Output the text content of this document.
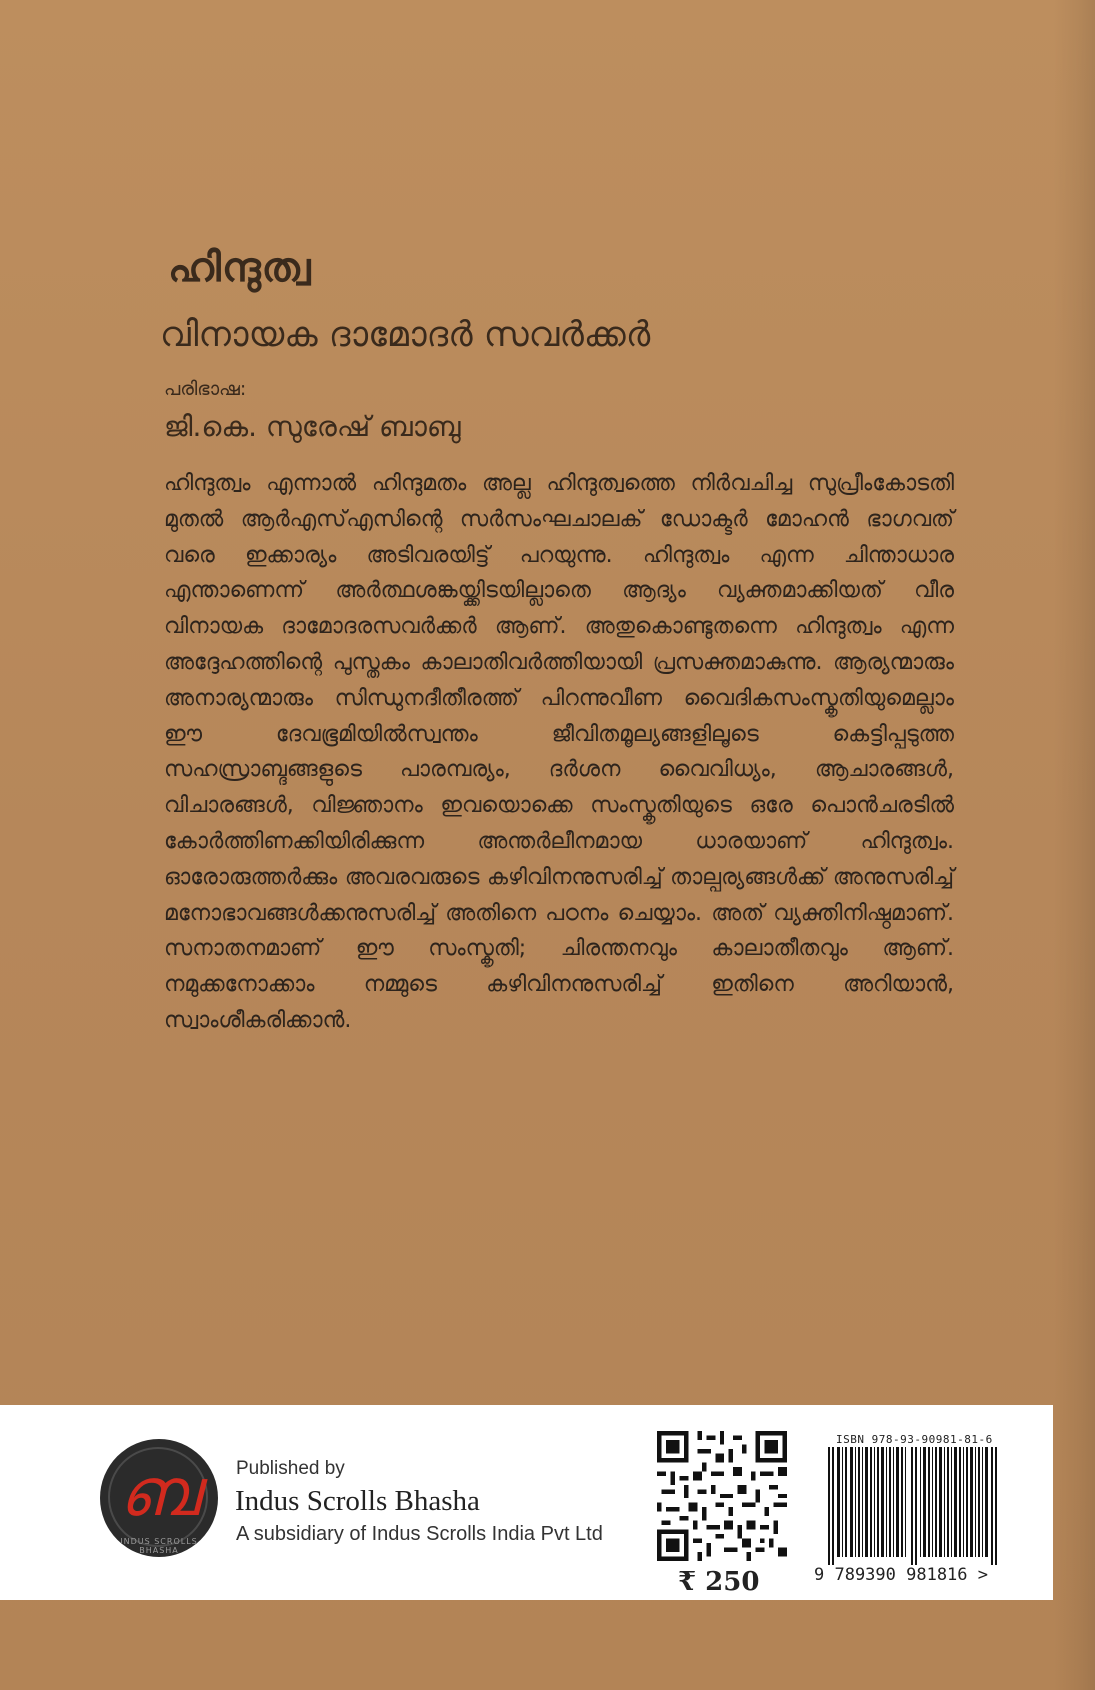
ഹിന്ദുത്വ
വിനായക ദാമോദർ സവർക്കർ
പരിഭാഷ:
ജി.കെ. സുരേഷ് ബാബു
ഹിന്ദുത്വം എന്നാൽ ഹിന്ദുമതം അല്ല ഹിന്ദുത്വത്തെ നിർവചിച്ച സുപ്രീംകോടതി മുതൽ ആർഎസ്എസിന്റെ സർസംഘചാലക് ഡോക്ടർ മോഹൻ ഭാഗവത് വരെ ഇക്കാര്യം അടിവരയിട്ട് പറയുന്നു. ഹിന്ദുത്വം എന്ന ചിന്താധാര എന്താണെന്ന് അർത്ഥശങ്കയ്ക്കിടയില്ലാതെ ആദ്യം വ്യക്തമാക്കിയത് വീര വിനായക ദാമോദരസവർക്കർ ആണ്. അതുകൊണ്ടുതന്നെ ഹിന്ദുത്വം എന്ന അദ്ദേഹത്തിന്റെ പുസ്തകം കാലാതിവർത്തിയായി പ്രസക്തമാകുന്നു. ആര്യന്മാരും അനാര്യന്മാരും സിന്ധുനദീതീരത്ത് പിറന്നുവീണ വൈദികസംസ്കൃതിയുമെല്ലാം ഈ ദേവഭൂമിയിൽസ്വന്തം ജീവിതമൂല്യങ്ങളിലൂടെ കെട്ടിപ്പടുത്ത സഹസ്രാബ്ദങ്ങളുടെ പാരമ്പര്യം, ദർശന വൈവിധ്യം, ആചാരങ്ങൾ, വിചാരങ്ങൾ, വിജ്ഞാനം ഇവയൊക്കെ സംസ്കൃതിയുടെ ഒരേ പൊൻചരടിൽ കോർത്തിണക്കിയിരിക്കുന്ന അന്തർലീനമായ ധാരയാണ് ഹിന്ദുത്വം. ഓരോരുത്തർക്കും അവരവരുടെ കഴിവിനനുസരിച്ച് താല്പര്യങ്ങൾക്ക് അനുസരിച്ച് മനോഭാവങ്ങൾക്കനുസരിച്ച് അതിനെ പഠനം ചെയ്യാം. അത് വ്യക്തിനിഷ്ഠമാണ്. സനാതനമാണ് ഈ സംസ്കൃതി; ചിരന്തനവും കാലാതീതവും ആണ്. നമുക്കനോക്കാം നമ്മുടെ കഴിവിനനുസരിച്ച് ഇതിനെ അറിയാൻ, സ്വാംശീകരിക്കാൻ.
ബ
INDUS SCROLLS BHASHA
Published by
Indus Scrolls Bhasha
A subsidiary of Indus Scrolls India Pvt Ltd
₹ 250
ISBN 978-93-90981-81-6
9 789390 981816 >
